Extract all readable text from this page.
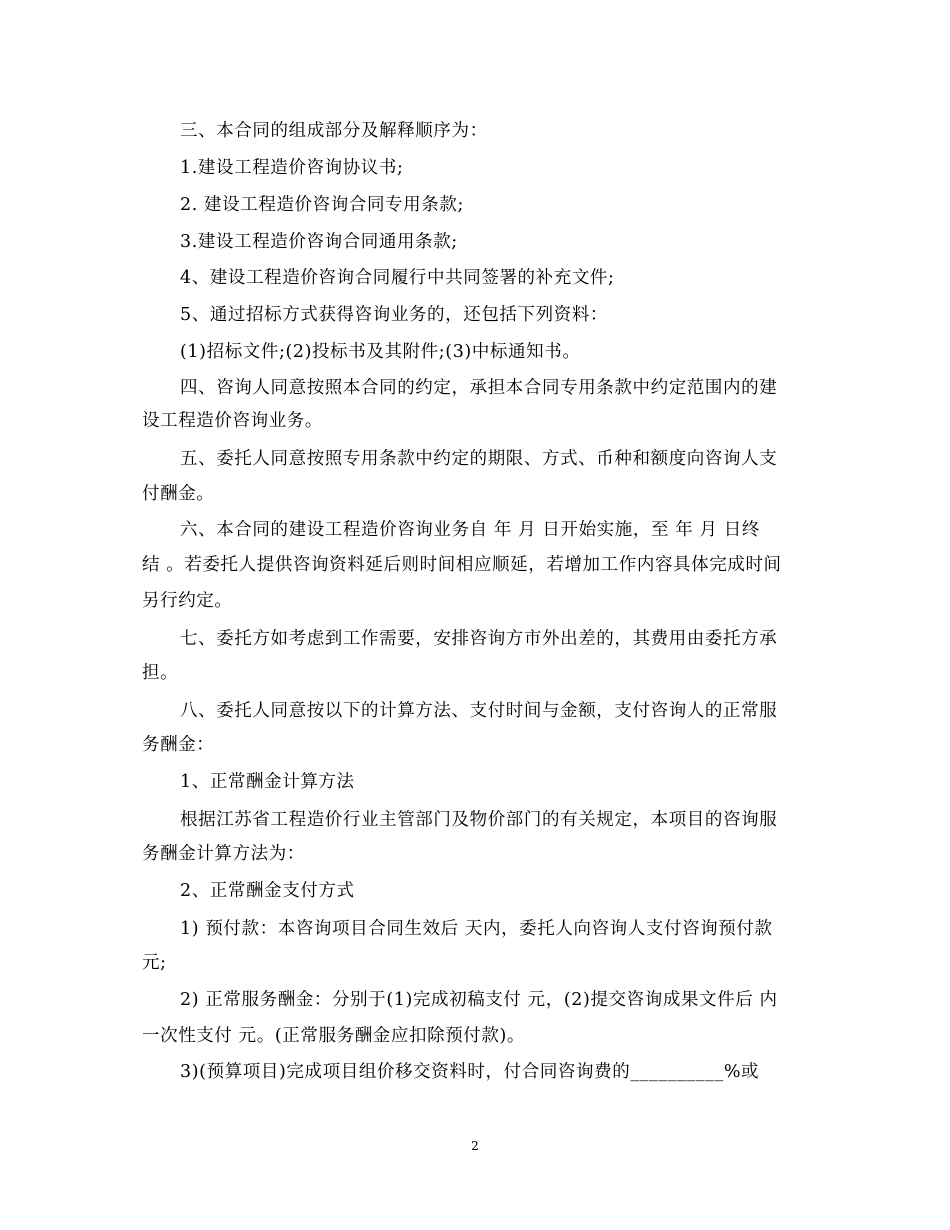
三、本合同的组成部分及解释顺序为：
1.建设工程造价咨询协议书;
2. 建设工程造价咨询合同专用条款;
3.建设工程造价咨询合同通用条款;
4、建设工程造价咨询合同履行中共同签署的补充文件;
5、通过招标方式获得咨询业务的，还包括下列资料：
(1)招标文件;(2)投标书及其附件;(3)中标通知书。
四、咨询人同意按照本合同的约定，承担本合同专用条款中约定范围内的建
设工程造价咨询业务。
五、委托人同意按照专用条款中约定的期限、方式、币种和额度向咨询人支
付酬金。
六、本合同的建设工程造价咨询业务自 年 月 日开始实施，至 年 月 日终
结 。若委托人提供咨询资料延后则时间相应顺延，若增加工作内容具体完成时间
另行约定。
七、委托方如考虑到工作需要，安排咨询方市外出差的，其费用由委托方承
担。
八、委托人同意按以下的计算方法、支付时间与金额，支付咨询人的正常服
务酬金：
1、正常酬金计算方法
根据江苏省工程造价行业主管部门及物价部门的有关规定，本项目的咨询服
务酬金计算方法为：
2、正常酬金支付方式
1) 预付款：本咨询项目合同生效后 天内，委托人向咨询人支付咨询预付款
元;
2) 正常服务酬金：分别于(1)完成初稿支付 元，(2)提交咨询成果文件后 内
一次性支付 元。(正常服务酬金应扣除预付款)。
3)(预算项目)完成项目组价移交资料时，付合同咨询费的__________%或
2
